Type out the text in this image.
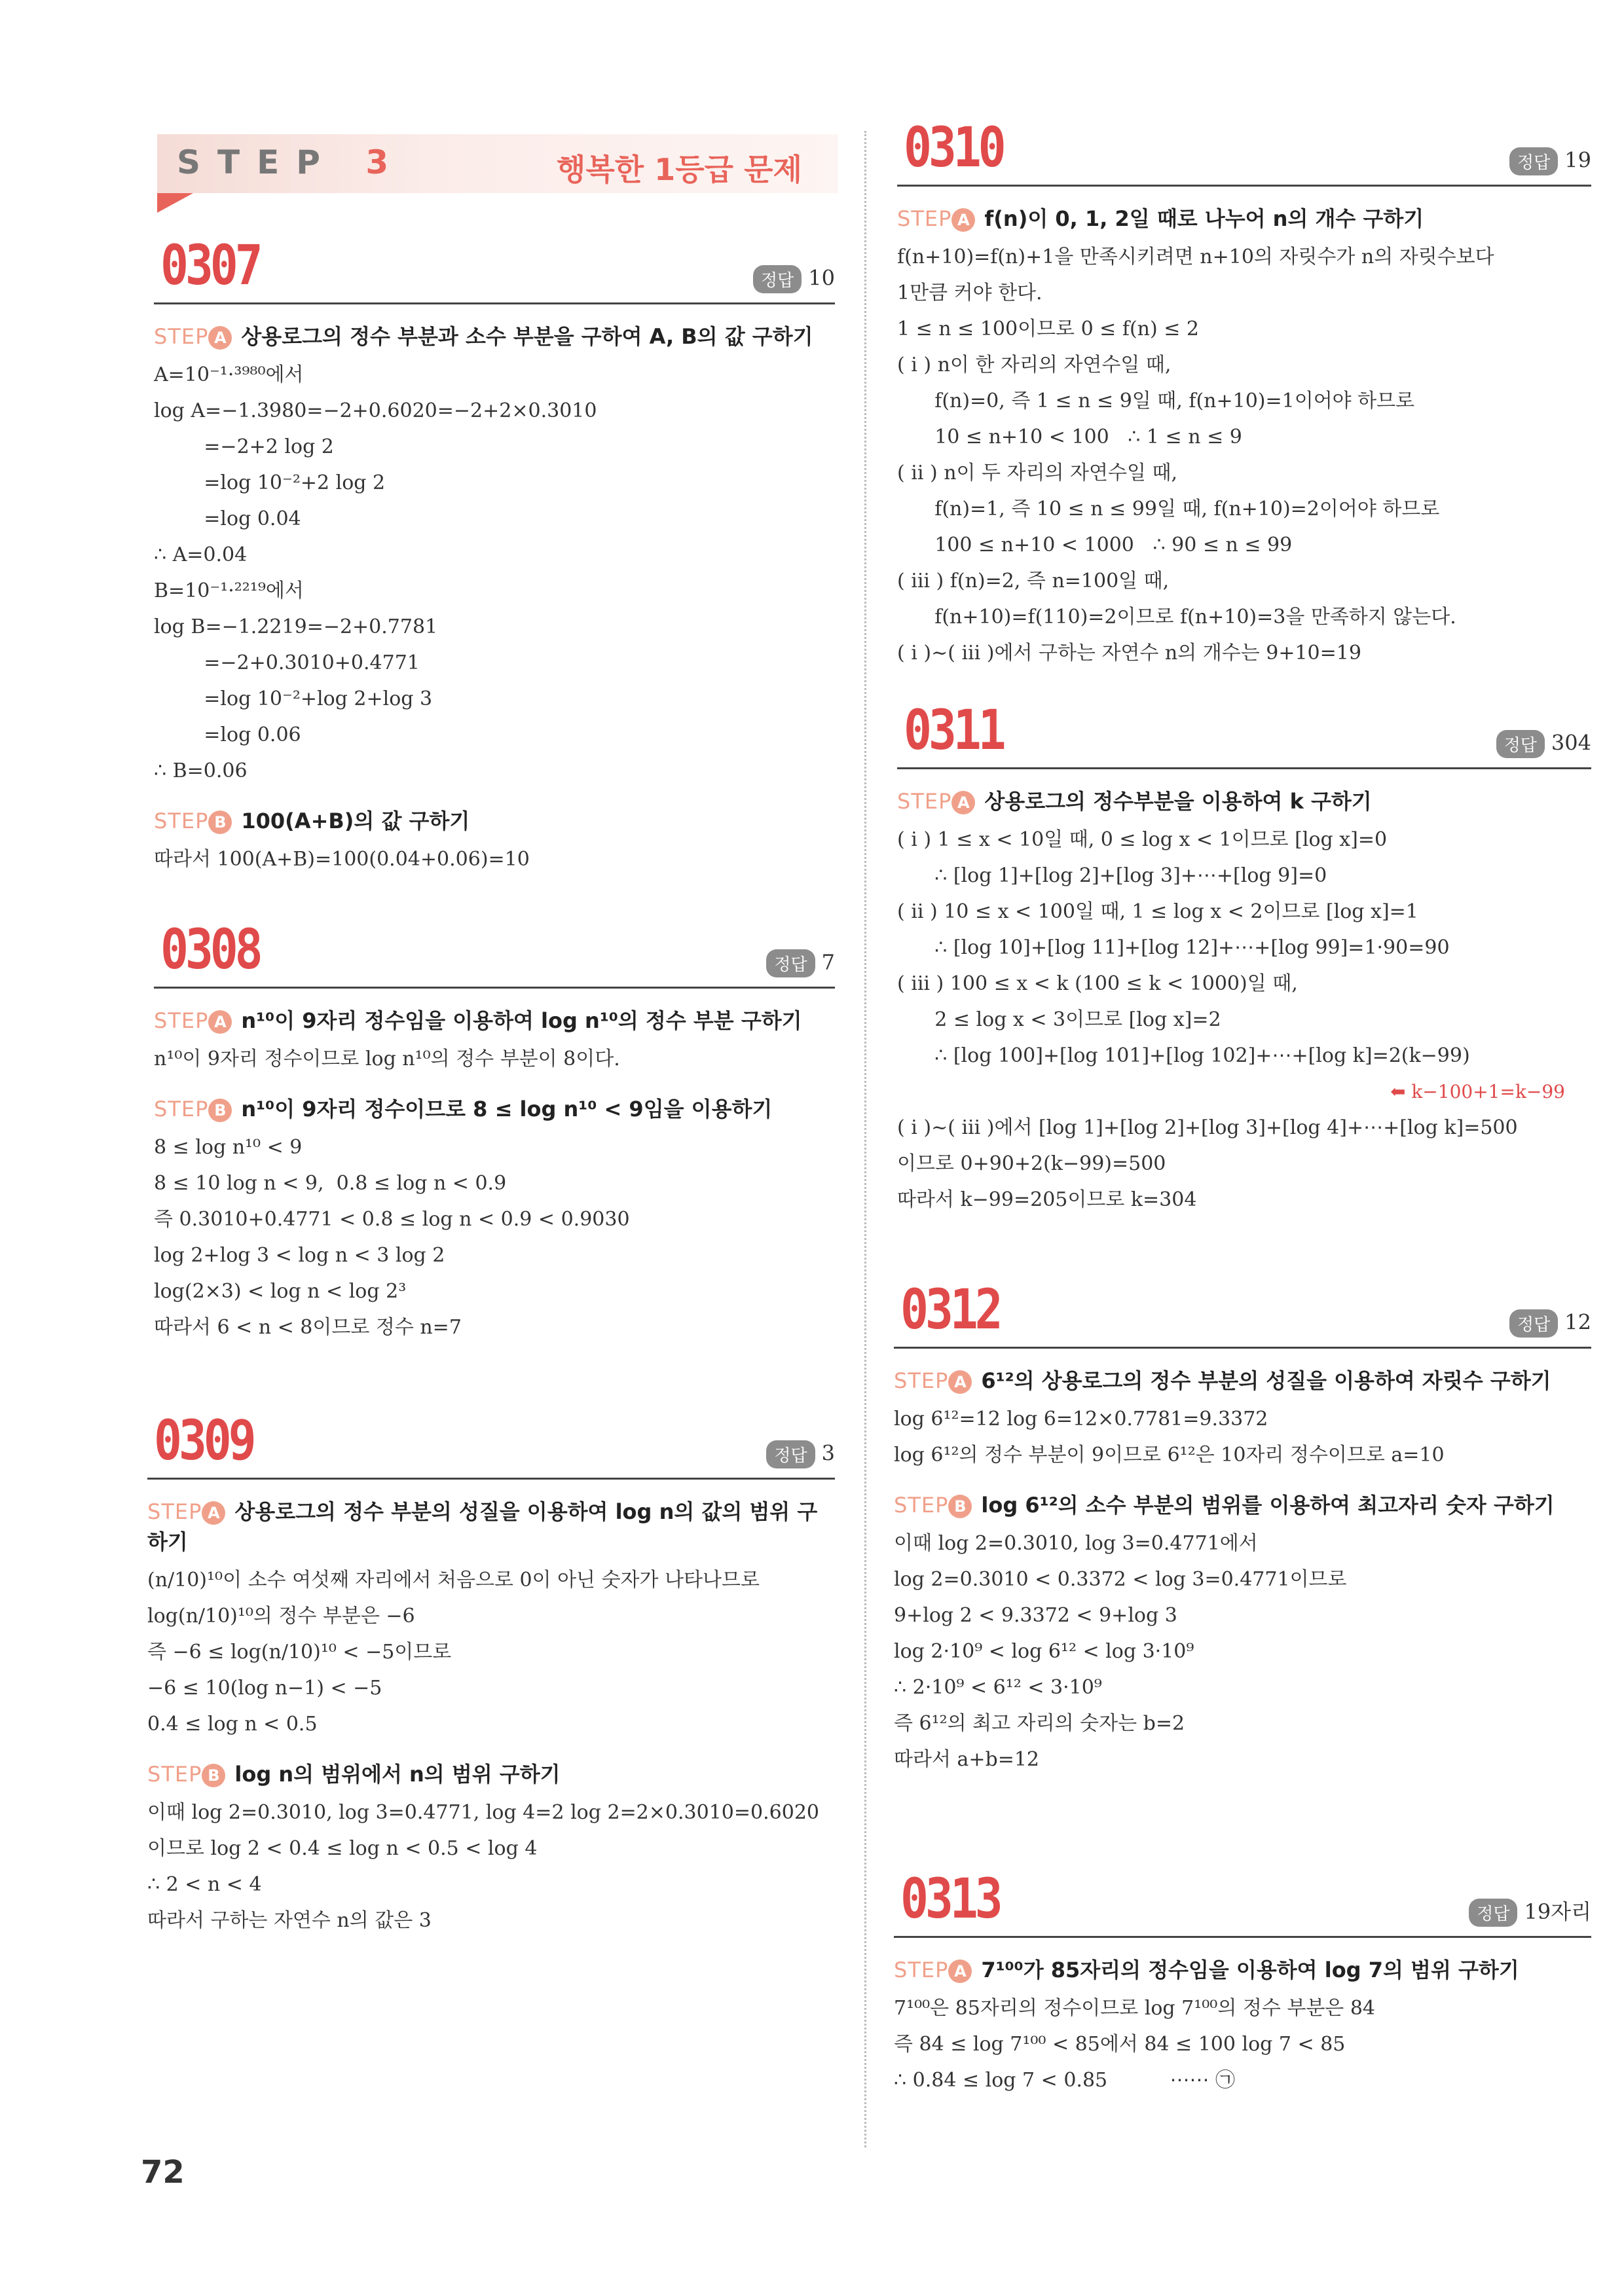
STEP 3	행복한 1등급 문제
0307	정답 10
STEP A 상용로그의 정수 부분과 소수 부분을 구하여 A, B의 값 구하기
A=10⁻¹·³⁹⁸⁰에서
log A=−1.3980=−2+0.6020=−2+2×0.3010
=−2+2 log 2
=log 10⁻²+2 log 2
=log 0.04
∴ A=0.04
B=10⁻¹·²²¹⁹에서
log B=−1.2219=−2+0.7781
=−2+0.3010+0.4771
=log 10⁻²+log 2+log 3
=log 0.06
∴ B=0.06
STEP B 100(A+B)의 값 구하기
따라서 100(A+B)=100(0.04+0.06)=10
0308	정답 7
STEP A n¹⁰이 9자리 정수임을 이용하여 log n¹⁰의 정수 부분 구하기
n¹⁰이 9자리 정수이므로 log n¹⁰의 정수 부분이 8이다.
STEP B n¹⁰이 9자리 정수이므로 8 ≤ log n¹⁰ < 9임을 이용하기
8 ≤ log n¹⁰ < 9
8 ≤ 10 log n < 9,  0.8 ≤ log n < 0.9
즉 0.3010+0.4771 < 0.8 ≤ log n < 0.9 < 0.9030
log 2+log 3 < log n < 3 log 2
log(2×3) < log n < log 2³
따라서 6 < n < 8이므로 정수 n=7
0309	정답 3
STEP A 상용로그의 정수 부분의 성질을 이용하여 log n의 값의 범위 구하기
(n/10)¹⁰이 소수 여섯째 자리에서 처음으로 0이 아닌 숫자가 나타나므로
log(n/10)¹⁰의 정수 부분은 −6
즉 −6 ≤ log(n/10)¹⁰ < −5이므로
−6 ≤ 10(log n−1) < −5
0.4 ≤ log n < 0.5
STEP B log n의 범위에서 n의 범위 구하기
이때 log 2=0.3010, log 3=0.4771, log 4=2 log 2=2×0.3010=0.6020
이므로 log 2 < 0.4 ≤ log n < 0.5 < log 4
∴ 2 < n < 4
따라서 구하는 자연수 n의 값은 3
0310	정답 19
STEP A f(n)이 0, 1, 2일 때로 나누어 n의 개수 구하기
f(n+10)=f(n)+1을 만족시키려면 n+10의 자릿수가 n의 자릿수보다
1만큼 커야 한다.
1 ≤ n ≤ 100이므로 0 ≤ f(n) ≤ 2
( i ) n이 한 자리의 자연수일 때,
f(n)=0, 즉 1 ≤ n ≤ 9일 때, f(n+10)=1이어야 하므로
10 ≤ n+10 < 100   ∴ 1 ≤ n ≤ 9
( ii ) n이 두 자리의 자연수일 때,
f(n)=1, 즉 10 ≤ n ≤ 99일 때, f(n+10)=2이어야 하므로
100 ≤ n+10 < 1000   ∴ 90 ≤ n ≤ 99
( iii ) f(n)=2, 즉 n=100일 때,
f(n+10)=f(110)=2이므로 f(n+10)=3을 만족하지 않는다.
( i )~( iii )에서 구하는 자연수 n의 개수는 9+10=19
0311	정답 304
STEP A 상용로그의 정수부분을 이용하여 k 구하기
( i ) 1 ≤ x < 10일 때, 0 ≤ log x < 1이므로 [log x]=0
∴ [log 1]+[log 2]+[log 3]+⋯+[log 9]=0
( ii ) 10 ≤ x < 100일 때, 1 ≤ log x < 2이므로 [log x]=1
∴ [log 10]+[log 11]+[log 12]+⋯+[log 99]=1·90=90
( iii ) 100 ≤ x < k (100 ≤ k < 1000)일 때,
2 ≤ log x < 3이므로 [log x]=2
∴ [log 100]+[log 101]+[log 102]+⋯+[log k]=2(k−99)
⬅ k−100+1=k−99
( i )~( iii )에서 [log 1]+[log 2]+[log 3]+[log 4]+⋯+[log k]=500
이므로 0+90+2(k−99)=500
따라서 k−99=205이므로 k=304
0312	정답 12
STEP A 6¹²의 상용로그의 정수 부분의 성질을 이용하여 자릿수 구하기
log 6¹²=12 log 6=12×0.7781=9.3372
log 6¹²의 정수 부분이 9이므로 6¹²은 10자리 정수이므로 a=10
STEP B log 6¹²의 소수 부분의 범위를 이용하여 최고자리 숫자 구하기
이때 log 2=0.3010, log 3=0.4771에서
log 2=0.3010 < 0.3372 < log 3=0.4771이므로
9+log 2 < 9.3372 < 9+log 3
log 2·10⁹ < log 6¹² < log 3·10⁹
∴ 2·10⁹ < 6¹² < 3·10⁹
즉 6¹²의 최고 자리의 숫자는 b=2
따라서 a+b=12
0313	정답 19자리
STEP A 7¹⁰⁰가 85자리의 정수임을 이용하여 log 7의 범위 구하기
7¹⁰⁰은 85자리의 정수이므로 log 7¹⁰⁰의 정수 부분은 84
즉 84 ≤ log 7¹⁰⁰ < 85에서 84 ≤ 100 log 7 < 85
∴ 0.84 ≤ log 7 < 0.85          ⋯⋯ ㉠
72
